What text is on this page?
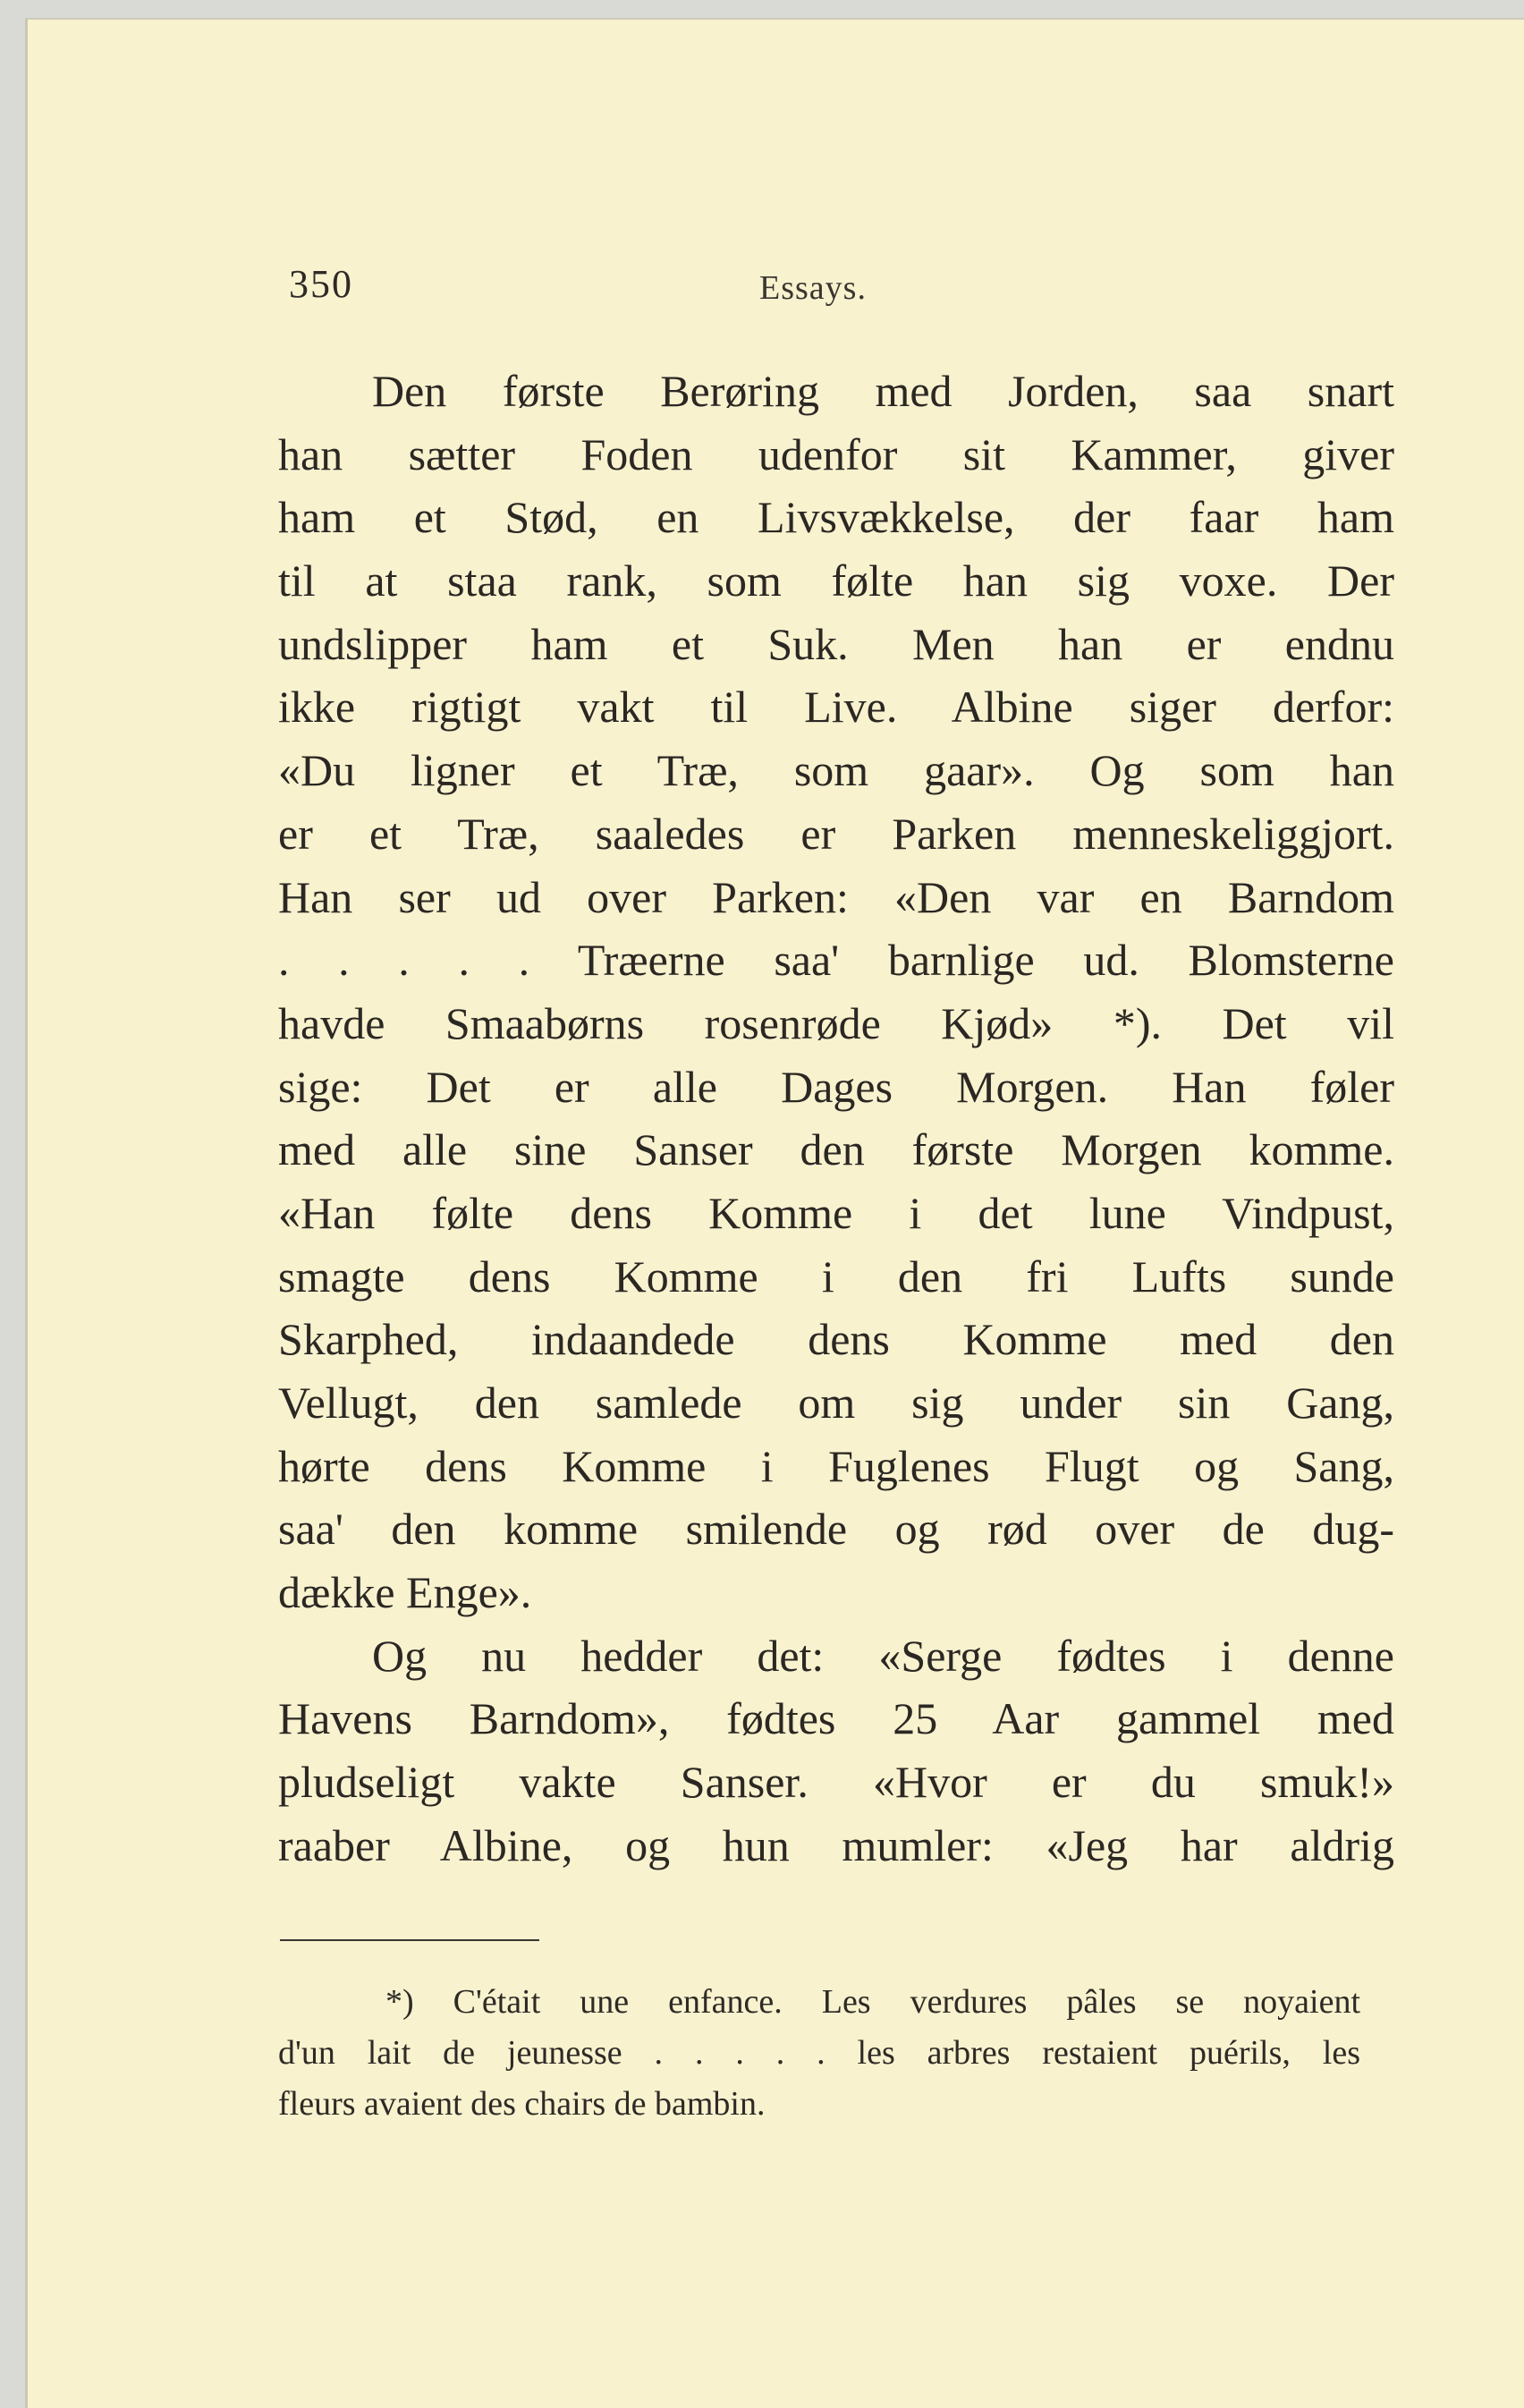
350	Essays.
Den første Berøring med Jorden, saa snart
han sætter Foden udenfor sit Kammer, giver
ham et Stød, en Livsvækkelse, der faar ham
til at staa rank, som følte han sig voxe. Der
undslipper ham et Suk. Men han er endnu
ikke rigtigt vakt til Live. Albine siger derfor:
«Du ligner et Træ, som gaar». Og som han
er et Træ, saaledes er Parken menneskeliggjort.
Han ser ud over Parken: «Den var en Barndom
. . . . . Træerne saa' barnlige ud. Blomsterne
havde Smaabørns rosenrøde Kjød» *). Det vil
sige: Det er alle Dages Morgen. Han føler
med alle sine Sanser den første Morgen komme.
«Han følte dens Komme i det lune Vindpust,
smagte dens Komme i den fri Lufts sunde
Skarphed, indaandede dens Komme med den
Vellugt, den samlede om sig under sin Gang,
hørte dens Komme i Fuglenes Flugt og Sang,
saa' den komme smilende og rød over de dug-
dække Enge».
Og nu hedder det: «Serge fødtes i denne
Havens Barndom», fødtes 25 Aar gammel med
pludseligt vakte Sanser. «Hvor er du smuk!»
raaber Albine, og hun mumler: «Jeg har aldrig
*) C'était une enfance. Les verdures pâles se noyaient
d'un lait de jeunesse . . . . . les arbres restaient puérils, les
fleurs avaient des chairs de bambin.
